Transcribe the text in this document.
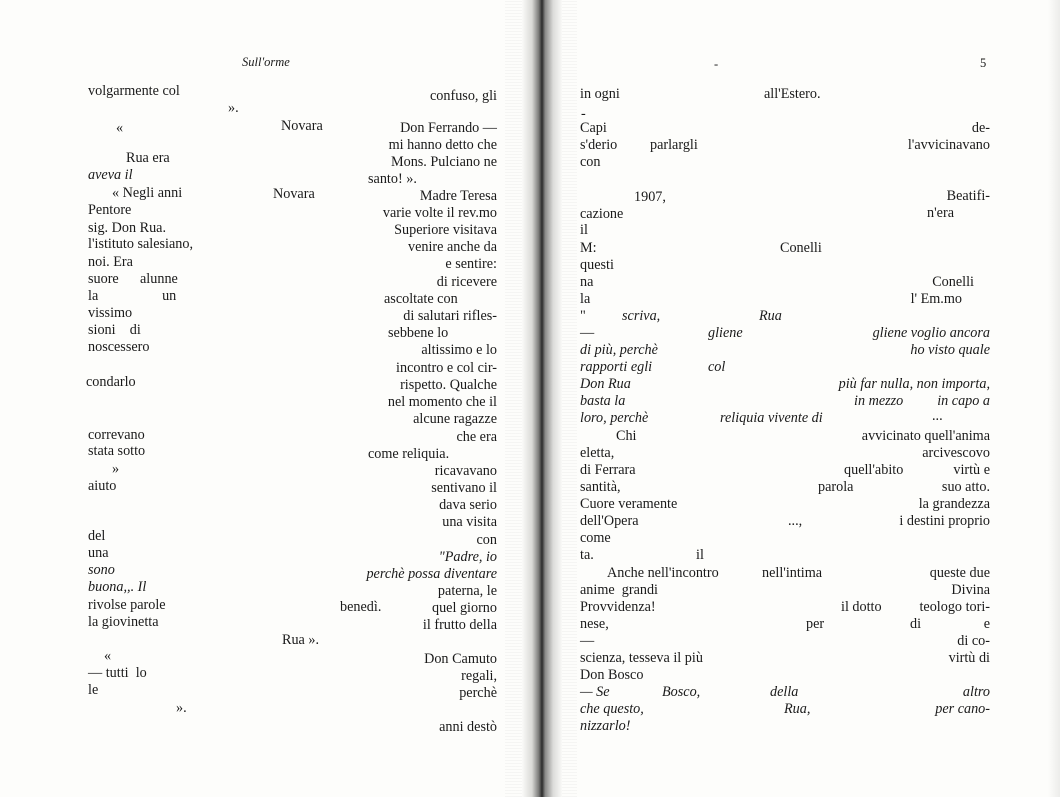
Sull'orme
volgarmente col
«
Rua era
aveva il
« Negli anni
Pentore
sig. Don Rua.
l'istituto salesiano,
noi. Era
suore      alunne
la                  un
vissimo
sioni    di
noscessero
condarlo
correvano
stata sotto
»
aiuto
del
una
sono
buona,,. Il
rivolse parole
la giovinetta
«
— tutti  lo
le
».
».
Novara
Novara
benedì.
Rua ».
confuso, gli
Don Ferrando —
mi hanno detto che
Mons. Pulciano ne
santo! ».
Madre Teresa
varie volte il rev.mo
Superiore visitava
venire anche da
e sentire:
di ricevere
ascoltate con
di salutari rifles-
sebbene lo
altissimo e lo
incontro e col cir-
rispetto. Qualche
nel momento che il
alcune ragazze
che era
come reliquia.
ricavavano
sentivano il
dava serio
una visita
con
"Padre, io
perchè possa diventare
paterna, le
quel giorno
il frutto della
Don Camuto
regali,
perchè
anni destò
-	5
in ogni
-
Capi
s'derio
con
cazione
il
M:
questi
na
la
"
—
di più, perchè
rapporti egli
Don Rua
basta la
loro, perchè
Chi
eletta,
di Ferrara
santità,
Cuore veramente
dell'Opera
come
ta.
Anche nell'incontro
anime  grandi
Provvidenza!
nese,
—
scienza, tesseva il più
Don Bosco
— Se
che questo,
nizzarlo!
all'Estero.
parlargli
1907,
Conelli
scriva,	Rua
gliene
col
reliquia vivente di
...,
il
nell'intima
per
Bosco,	della
Rua,
de-
l'avvicinavano
Beatifi-
n'era
Conelli
l' Em.mo
gliene voglio ancora
ho visto quale
più far nulla, non importa,
in mezzo in capo a
...
avvicinato quell'anima
arcivescovo
quell'abito	virtù e
parola	suo atto.
la grandezza
i destini proprio
queste due
Divina
il dotto	teologo tori-
di	e
di co-
virtù di
altro
per cano-
